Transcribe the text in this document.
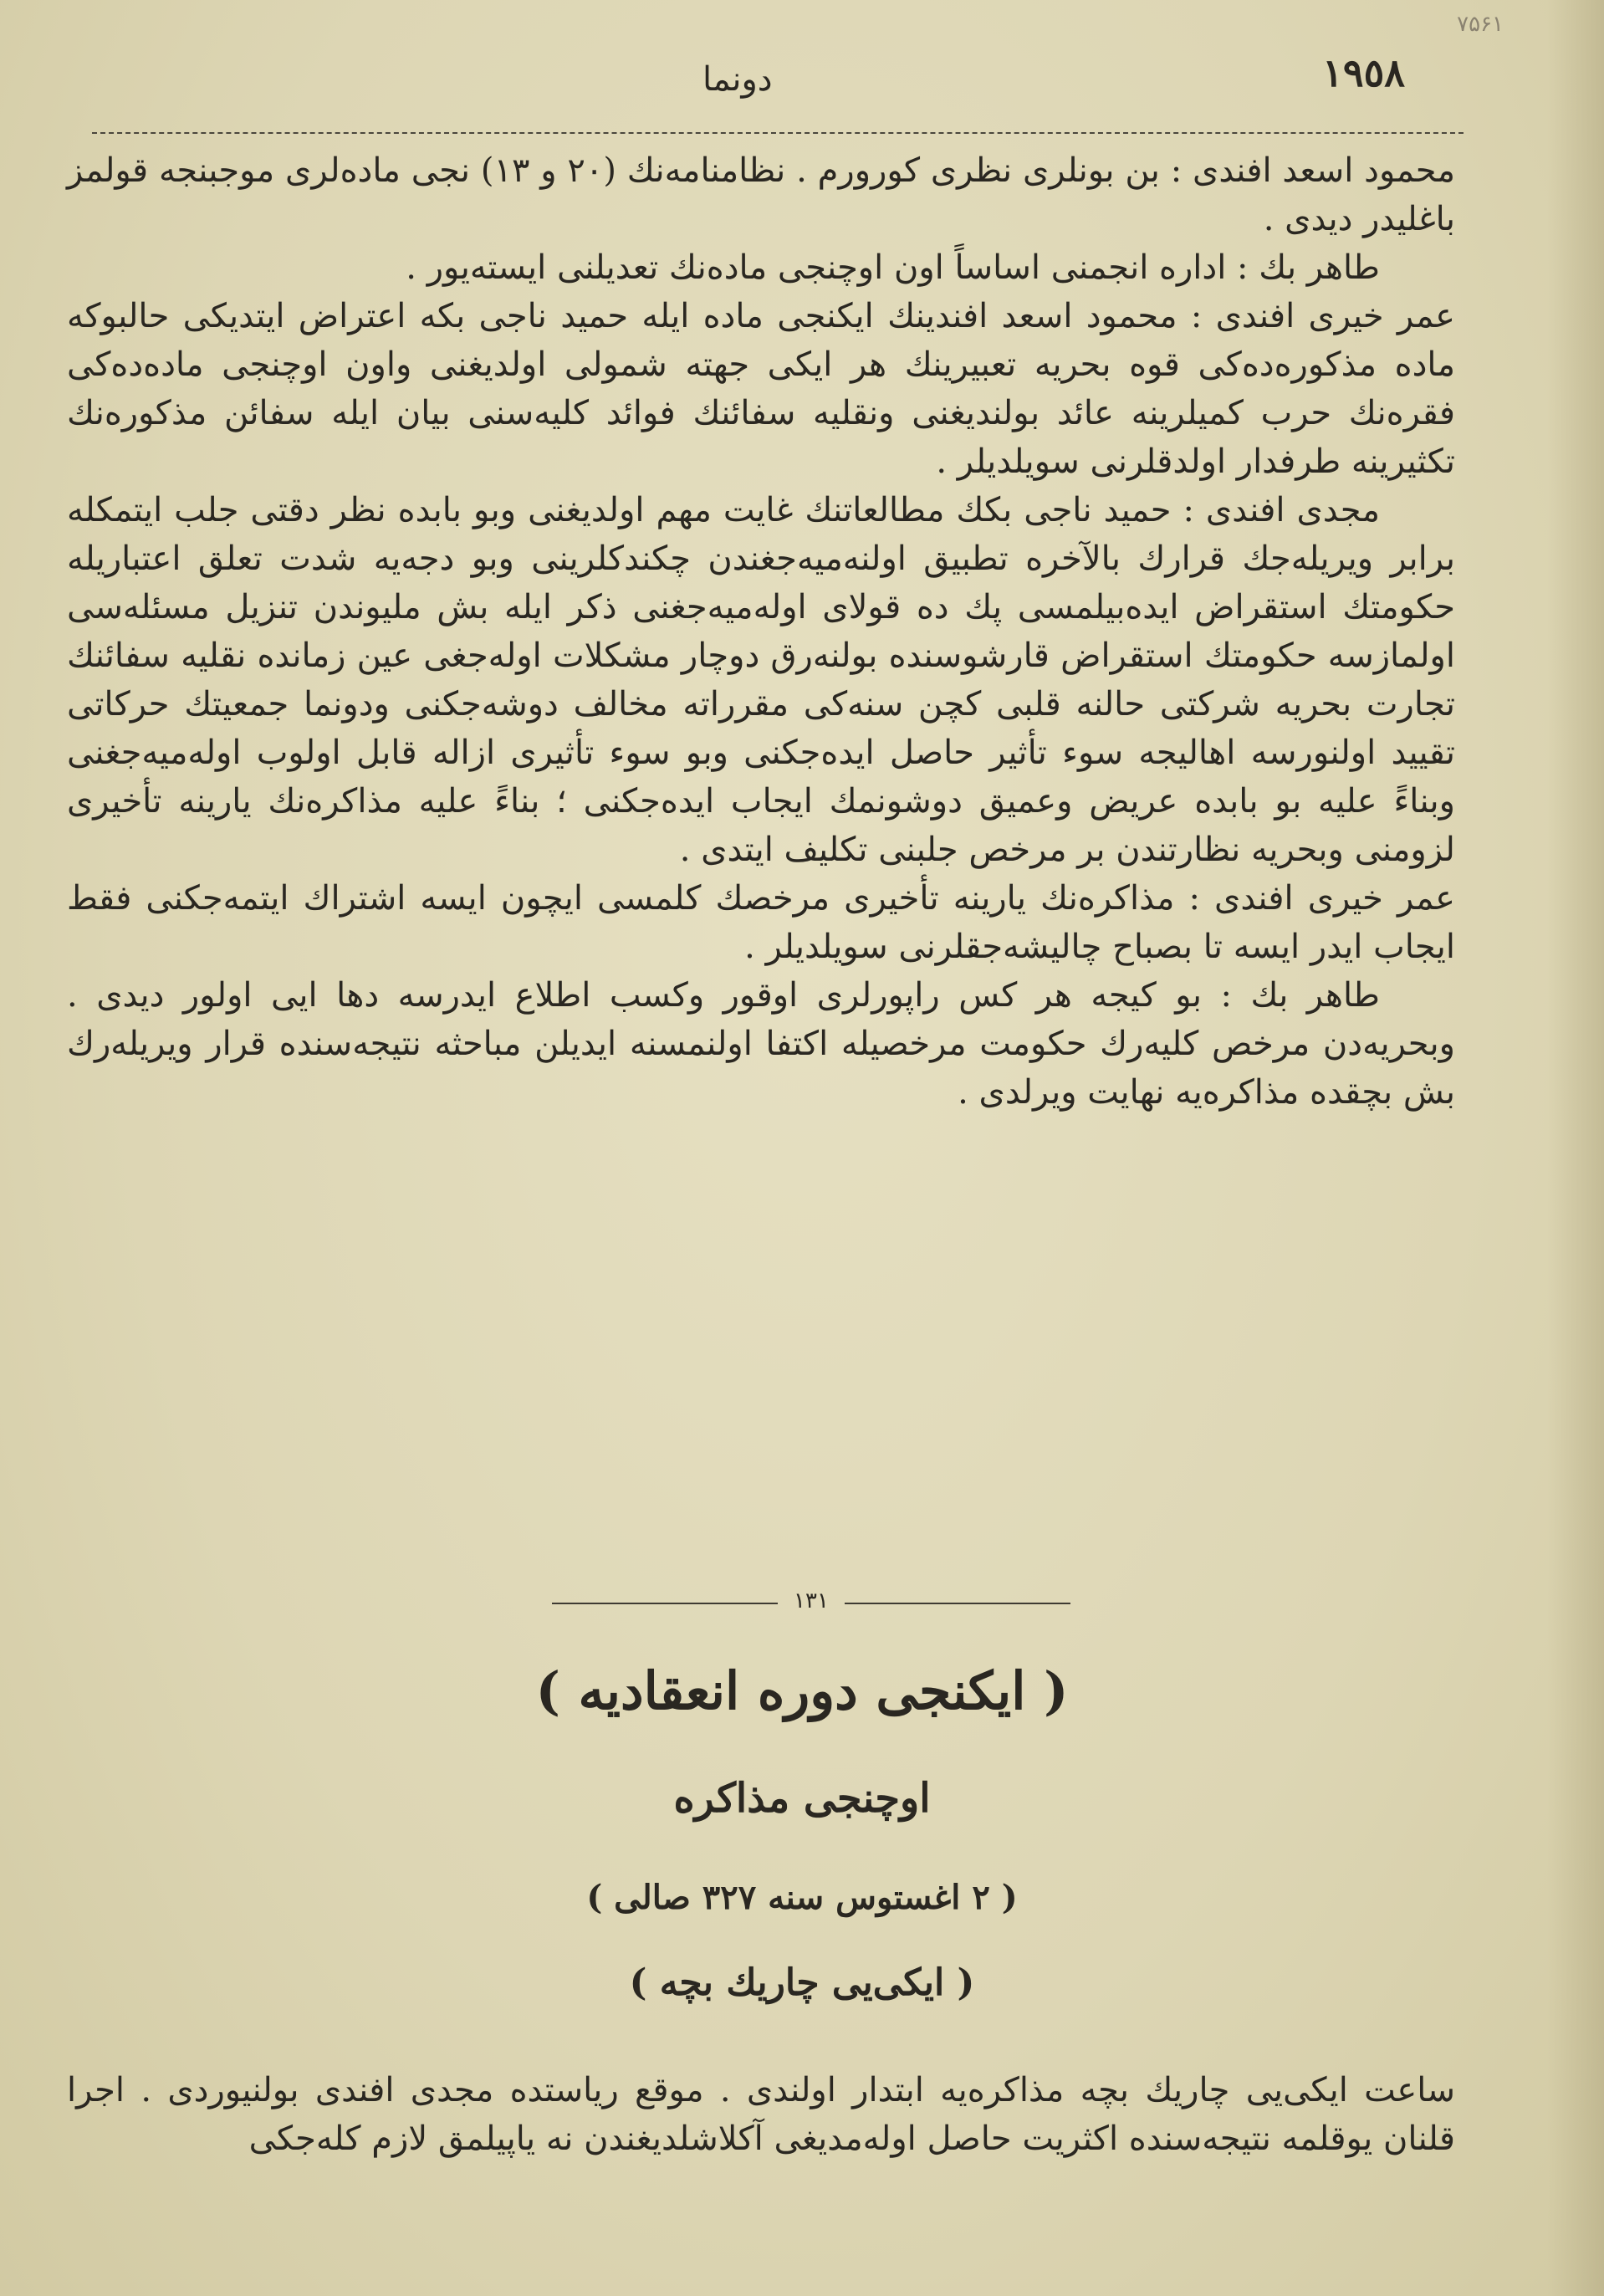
۷۵۶۱
١٩٥٨
دونما

محمود اسعد افندی : بن بونلری نظری کورورم . نظامنامه‌نك (٢٠ و ١٣) نجی ماده‌لری موجبنجه قولمز باغلیدر دیدی .

طاهر بك : اداره انجمنی اساساً اون اوچنجی ماده‌نك تعدیلنی ایسته‌یور .

عمر خیری افندی : محمود اسعد افندینك ایکنجی ماده ایله حمید ناجی بکه اعتراض ایتدیکی حالبوکه ماده مذکوره‌ده‌کی قوه بحریه تعبیرینك هر ایکی جهته شمولی اولدیغنی واون اوچنجی ماده‌ده‌کی فقره‌نك حرب کمیلرینه عائد بولندیغنی ونقلیه سفائنك فوائد کلیه‌سنی بیان ایله سفائن مذکوره‌نك تکثیرینه طرفدار اولدقلرنی سویلدیلر .

مجدی افندی : حمید ناجی بکك مطالعاتنك غایت مهم اولدیغنی وبو بابده نظر دقتی جلب ایتمکله برابر ویریله‌جك قرارك بالآخره تطبیق اولنه‌میه‌جغندن چکندکلرینی وبو دجه‌یه شدت تعلق اعتباریله حکومتك استقراض ایده‌بیلمسی پك ده قولای اوله‌میه‌جغنی ذکر ایله بش ملیوندن تنزیل مسئله‌سی اولمازسه حکومتك استقراض قارشوسنده بولنه‌رق دوچار مشکلات اوله‌جغی عین زمانده نقلیه سفائنك تجارت بحریه شرکتی حالنه قلبی کچن سنه‌کی مقرراته مخالف دوشه‌جکنی ودونما جمعیتك حرکاتی تقیید اولنورسه اهالیجه سوء تأثیر حاصل ایده‌جکنی وبو سوء تأثیری ازاله قابل اولوب اوله‌میه‌جغنی وبناءً علیه بو بابده عریض وعمیق دوشونمك ایجاب ایده‌جکنی ؛ بناءً علیه مذاکره‌نك یارینه تأخیری لزومنی وبحریه نظارتندن بر مرخص جلبنی تکلیف ایتدی .

عمر خیری افندی : مذاکره‌نك یارینه تأخیری مرخصك کلمسی ایچون ایسه اشتراك ایتمه‌جکنی فقط ایجاب ایدر ایسه تا بصباح چالیشه‌جقلرنی سویلدیلر .

طاهر بك : بو کیجه هر کس راپورلری اوقور وکسب اطلاع ایدرسه دها ایی اولور دیدی . وبحریه‌دن مرخص کلیه‌رك حکومت مرخصیله اکتفا اولنمسنه ایدیلن مباحثه نتیجه‌سنده قرار ویریله‌رك بش بچقده مذاکره‌یه نهایت ویرلدی .

١٣١
( ایکنجی دوره انعقادیه )
اوچنجی مذاکره
( ٢ اغستوس سنه ٣٢٧ صالی )
( ایکی‌یی چاریك بچه )
ساعت ایکی‌یی چاریك بچه مذاکره‌یه ابتدار اولندی . موقع ریاستده مجدی افندی بولنیوردی . اجرا قلنان یوقلمه نتیجه‌سنده اکثریت حاصل اوله‌مدیغی آکلاشلدیغندن نه یاپیلمق لازم کله‌جکی
